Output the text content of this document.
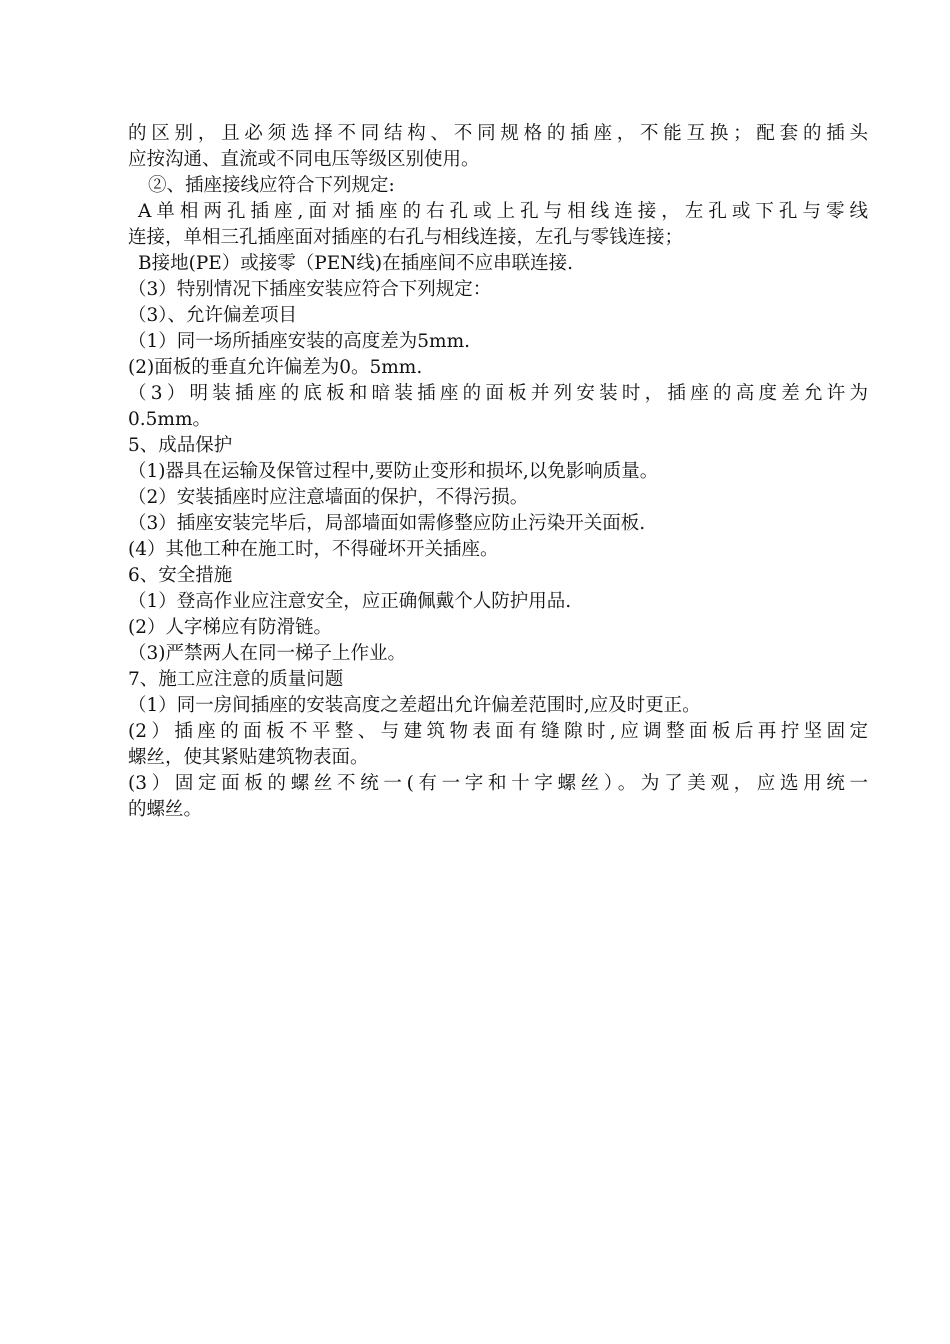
的区别，且必须选择不同结构、不同规格的插座，不能互换；配套的插头
应按沟通、直流或不同电压等级区别使用。
②、插座接线应符合下列规定:
A单相两孔插座,面对插座的右孔或上孔与相线连接，左孔或下孔与零线
连接，单相三孔插座面对插座的右孔与相线连接，左孔与零钱连接；
B接地(PE）或接零（PEN线)在插座间不应串联连接.
（3）特别情况下插座安装应符合下列规定：
（3）、允许偏差项目
（1）同一场所插座安装的高度差为5mm.
(2)面板的垂直允许偏差为0。5mm.
（3）明装插座的底板和暗装插座的面板并列安装时，插座的高度差允许为
0.5mm。
5、成品保护
（1)器具在运输及保管过程中,要防止变形和损坏,以免影响质量。
（2）安装插座时应注意墙面的保护，不得污损。
（3）插座安装完毕后，局部墙面如需修整应防止污染开关面板.
(4）其他工种在施工时，不得碰坏开关插座。
6、安全措施
（1）登高作业应注意安全，应正确佩戴个人防护用品.
(2）人字梯应有防滑链。
（3)严禁两人在同一梯子上作业。
7、施工应注意的质量问题
（1）同一房间插座的安装高度之差超出允许偏差范围时,应及时更正。
(2）插座的面板不平整、与建筑物表面有缝隙时,应调整面板后再拧坚固定
螺丝，使其紧贴建筑物表面。
(3）固定面板的螺丝不统一(有一字和十字螺丝）。为了美观，应选用统一
的螺丝。
